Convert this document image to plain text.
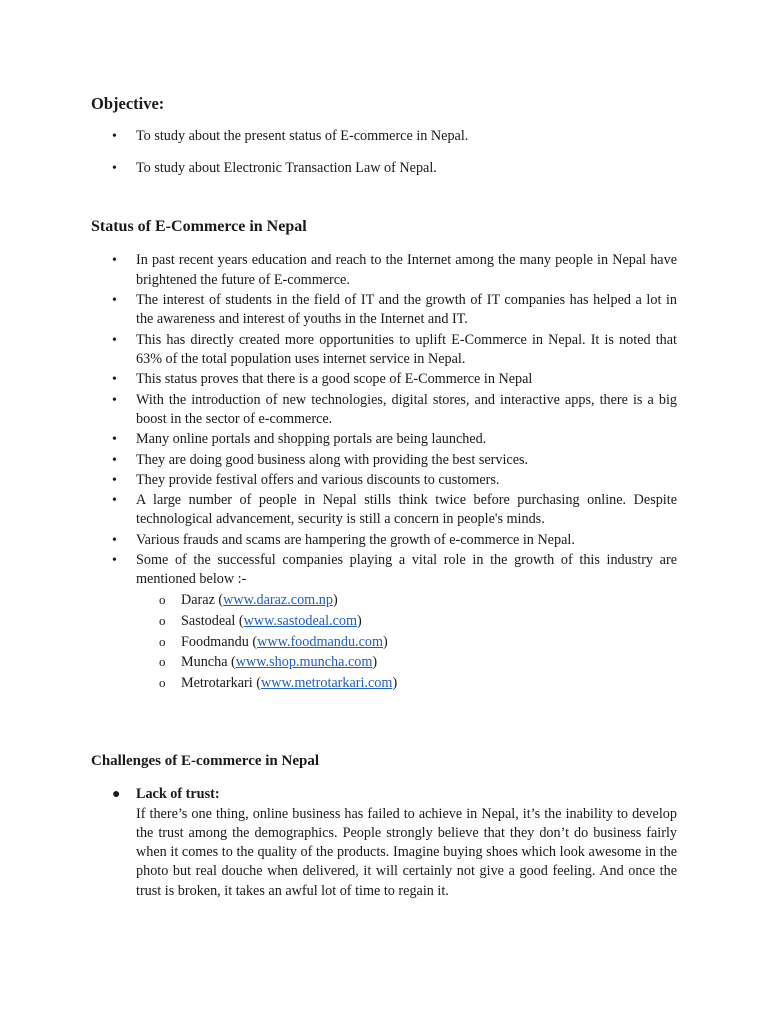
Objective:
• To study about the present status of E-commerce in Nepal.
• To study about Electronic Transaction Law of Nepal.
Status of E-Commerce in Nepal
• In past recent years education and reach to the Internet among the many people in Nepal have brightened the future of E-commerce.
• The interest of students in the field of IT and the growth of IT companies has helped a lot in the awareness and interest of youths in the Internet and IT.
• This has directly created more opportunities to uplift E-Commerce in Nepal. It is noted that 63% of the total population uses internet service in Nepal.
• This status proves that there is a good scope of E-Commerce in Nepal
• With the introduction of new technologies, digital stores, and interactive apps, there is a big boost in the sector of e-commerce.
• Many online portals and shopping portals are being launched.
• They are doing good business along with providing the best services.
• They provide festival offers and various discounts to customers.
• A large number of people in Nepal stills think twice before purchasing online. Despite technological advancement, security is still a concern in people's minds.
• Various frauds and scams are hampering the growth of e-commerce in Nepal.
• Some of the successful companies playing a vital role in the growth of this industry are mentioned below :-
o Daraz (www.daraz.com.np)
o Sastodeal (www.sastodeal.com)
o Foodmandu (www.foodmandu.com)
o Muncha (www.shop.muncha.com)
o Metrotarkari (www.metrotarkari.com)
Challenges of E-commerce in Nepal
● Lack of trust:
If there’s one thing, online business has failed to achieve in Nepal, it’s the inability to develop the trust among the demographics. People strongly believe that they don’t do business fairly when it comes to the quality of the products. Imagine buying shoes which look awesome in the photo but real douche when delivered, it will certainly not give a good feeling. And once the trust is broken, it takes an awful lot of time to regain it.
